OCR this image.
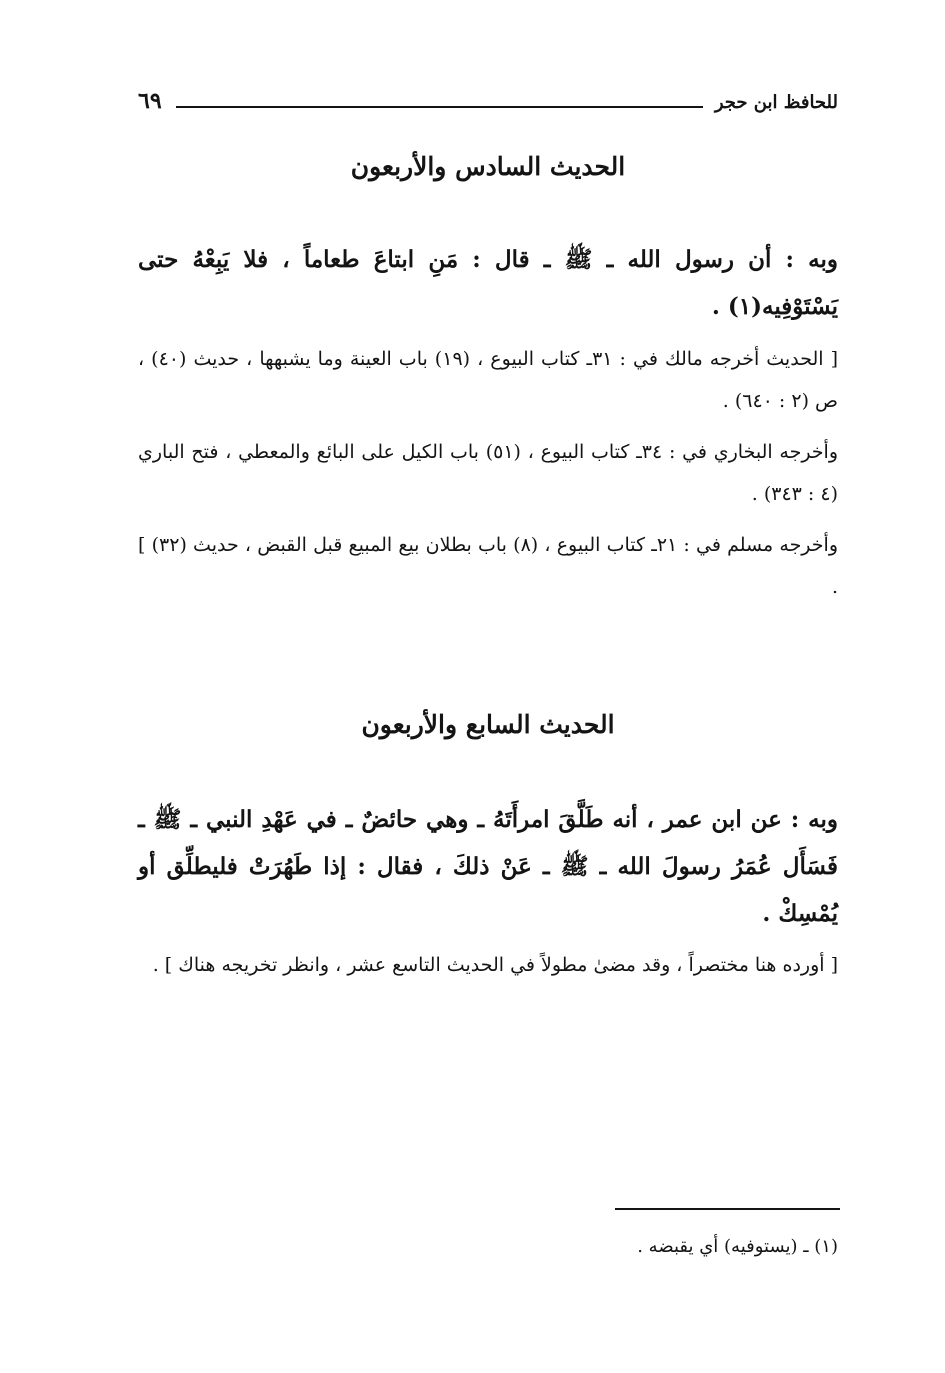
للحافظ ابن حجر
٦٩
الحديث السادس والأربعون
وبه : أن رسول الله ـ ﷺ ـ قال : مَنِ ابتاعَ طعاماً ، فلا يَبِعْهُ حتى يَسْتَوْفِيه(١) .
[ الحديث أخرجه مالك في : ٣١ـ كتاب البيوع ، (١٩) باب العينة وما يشبهها ، حديث (٤٠) ، ص (٢ : ٦٤٠) .
وأخرجه البخاري في : ٣٤ـ كتاب البيوع ، (٥١) باب الكيل على البائع والمعطي ، فتح الباري (٤ : ٣٤٣) .
وأخرجه مسلم في : ٢١ـ كتاب البيوع ، (٨) باب بطلان بيع المبيع قبل القبض ، حديث (٣٢) ] .
الحديث السابع والأربعون
وبه : عن ابن عمر ، أنه طَلَّقَ امرأَتَهُ ـ وهي حائضٌ ـ في عَهْدِ النبي ـ ﷺ ـ فَسَأَل عُمَرُ رسولَ الله ـ ﷺ ـ عَنْ ذلكَ ، فقال : إذا طَهُرَتْ فليطلِّق أو يُمْسِكْ .
[ أورده هنا مختصراً ، وقد مضىٰ مطولاً في الحديث التاسع عشر ، وانظر تخريجه هناك ] .
(١) ـ (يستوفيه) أي يقبضه .
